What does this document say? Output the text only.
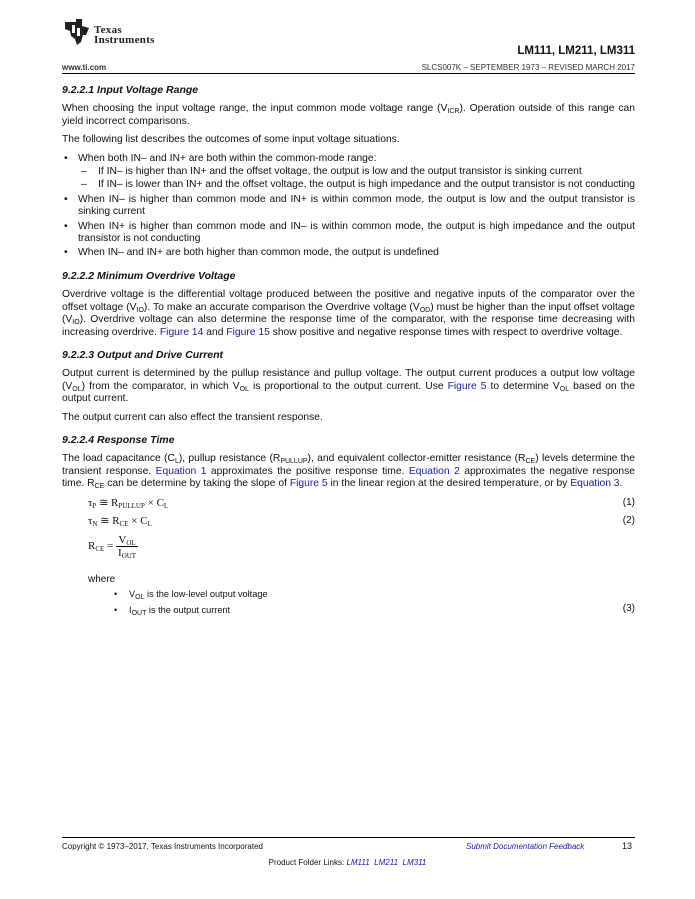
Texas
Instruments
LM111, LM211, LM311
www.ti.com	SLCS007K – SEPTEMBER 1973 – REVISED MARCH 2017
9.2.2.1 Input Voltage Range

When choosing the input voltage range, the input common mode voltage range $(V_{ICR})$. Operation outside of this range can yield incorrect comparisons.

The following list describes the outcomes of some input voltage situations.

• When both IN– and IN+ are both within the common-mode range:
– If IN– is higher than IN+ and the offset voltage, the output is low and the output transistor is sinking current
– If IN– is lower than IN+ and the offset voltage, the output is high impedance and the output transistor is not conducting
• When IN– is higher than common mode and IN+ is within common mode, the output is low and the output transistor is sinking current
• When IN+ is higher than common mode and IN– is within common mode, the output is high impedance and the output transistor is not conducting
• When IN– and IN+ are both higher than common mode, the output is undefined
9.2.2.2 Minimum Overdrive Voltage

Overdrive voltage is the differential voltage produced between the positive and negative inputs of the comparator over the offset voltage $(V_{IO})$. To make an accurate comparison the Overdrive voltage $(V_{OD})$ must be higher than the input offset voltage $(V_{IO})$. Overdrive voltage can also determine the response time of the comparator, with the response time decreasing with increasing overdrive. Figure 14 and Figure 15 show positive and negative response times with respect to overdrive voltage.

9.2.2.3 Output and Drive Current

Output current is determined by the pullup resistance and pullup voltage. The output current produces a output low voltage $(V_{OL})$ from the comparator, in which $V_{OL}$ is proportional to the output current. Use Figure 5 to determine $V_{OL}$ based on the output current.

The output current can also effect the transient response.

9.2.2.4 Response Time

The load capacitance $(C_L)$, pullup resistance $(R_{PULLUP})$, and equivalent collector-emitter resistance $(R_{CE})$ levels determine the transient response. Equation 1 approximates the positive response time. Equation 2 approximates the negative response time. $R_{CE}$ can be determine by taking the slope of Figure 5 in the linear region at the desired temperature, or by Equation 3.

$\tau_P$ ≅ $R_{PULLUP} \times C_L$	(1)
$\tau_N$ ≅ $R_{CE} \times C_L$	(2)
$R_{CE} = \frac{V_{OL}}{I_{OUT}}$
where
• $V_{OL}$ is the low-level output voltage
• $I_{OUT}$ is the output current	(3)
Copyright © 1973–2017, Texas Instruments Incorporated	Submit Documentation Feedback	13
Product Folder Links: LM111 LM211 LM311
